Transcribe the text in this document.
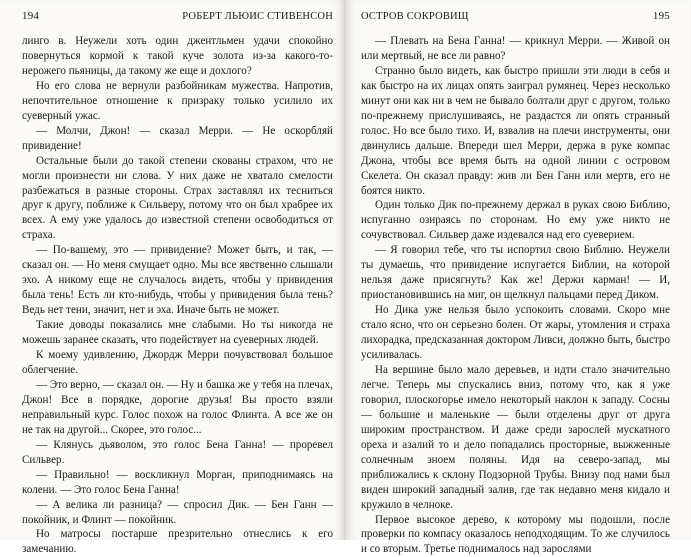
194	РОБЕРТ ЛЬЮИС СТИВЕНСОН

линго в. Неужели хоть один джентльмен удачи спокойно повернуться кормой к такой куче золота из-за какого-то- нерожего пьяницы, да такому же еще и дохлого?

Но его слова не вернули разбойникам мужества. Напротив, непочтительное отношение к призраку только усилило их суеверный ужас.

— Молчи, Джон! — сказал Мерри. — Не оскорбляй привидение!

Остальные были до такой степени скованы страхом, что не могли произнести ни слова. У них даже не хватало смелости разбежаться в разные стороны. Страх заставлял их тесниться друг к другу, поближе к Сильверу, потому что он был храбрее их всех. А ему уже удалось до известной степени освободиться от страха.

— По-вашему, это — привидение? Может быть, и так, — сказал он. — Но меня смущает одно. Мы все явственно слышали эхо. А никому еще не случалось видеть, чтобы у привидения была тень! Есть ли кто-нибудь, чтобы у привидения была тень? Ведь нет тени, значит, нет и эха. Иначе быть не может.

Такие доводы показались мне слабыми. Но ты никогда не можешь заранее сказать, что подействует на суеверных людей.

К моему удивлению, Джордж Мерри почувствовал большое облегчение.

— Это верно, — сказал он. — Ну и башка же у тебя на плечах, Джон! Все в порядке, дорогие друзья! Вы просто взяли неправильный курс. Голос похож на голос Флинта. А все же он не так на другой... Скорее, это голос...

— Клянусь дьяволом, это голос Бена Ганна! — проревел Сильвер.

— Правильно! — воскликнул Морган, приподнимаясь на колени. — Это голос Бена Ганна!

— А велика ли разница? — спросил Дик. — Бен Ганн — покойник, и Флинт — покойник.

Но матросы постарше презрительно отнеслись к его замечанию.

ОСТРОВ СОКРОВИЩ	195

— Плевать на Бена Ганна! — крикнул Мерри. — Живой он или мертвый, не все ли равно?

Странно было видеть, как быстро пришли эти люди в себя и как быстро на их лицах опять заиграл румянец. Через несколько минут они как ни в чем не бывало болтали друг с другом, только по-прежнему прислушиваясь, не раздастся ли опять странный голос. Но все было тихо. И, взвалив на плечи инструменты, они двинулись дальше. Впереди шел Мерри, держа в руке компас Джона, чтобы все время быть на одной линии с островом Скелета. Он сказал правду: жив ли Бен Ганн или мертв, его не боятся никто.

Один только Дик по-прежнему держал в руках свою Библию, испуганно озираясь по сторонам. Но ему уже никто не сочувствовал. Сильвер даже издевался над его суеверием.

— Я говорил тебе, что ты испортил свою Библию. Неужели ты думаешь, что привидение испугается Библии, на которой нельзя даже присягнуть? Как же! Держи карман! — И, приостановившись на миг, он щелкнул пальцами перед Диком.

Но Дика уже нельзя было успокоить словами. Скоро мне стало ясно, что он серьезно болен. От жары, утомления и страха лихорадка, предсказанная доктором Ливси, должно быть, быстро усиливалась.

На вершине было мало деревьев, и идти стало значительно легче. Теперь мы спускались вниз, потому что, как я уже говорил, плоскогорье имело некоторый наклон к западу. Сосны — большие и маленькие — были отделены друг от друга широким пространством. И даже среди зарослей мускатного ореха и азалий то и дело попадались просторные, выжженные солнечным зноем поляны. Идя на северо-запад, мы приближались к склону Подзорной Трубы. Внизу под нами был виден широкий западный залив, где так недавно меня кидало и кружило в челноке.

Первое высокое дерево, к которому мы подошли, после проверки по компасу оказалось неподходящим. То же случилось и со вторым. Третье поднималось над зарослями
